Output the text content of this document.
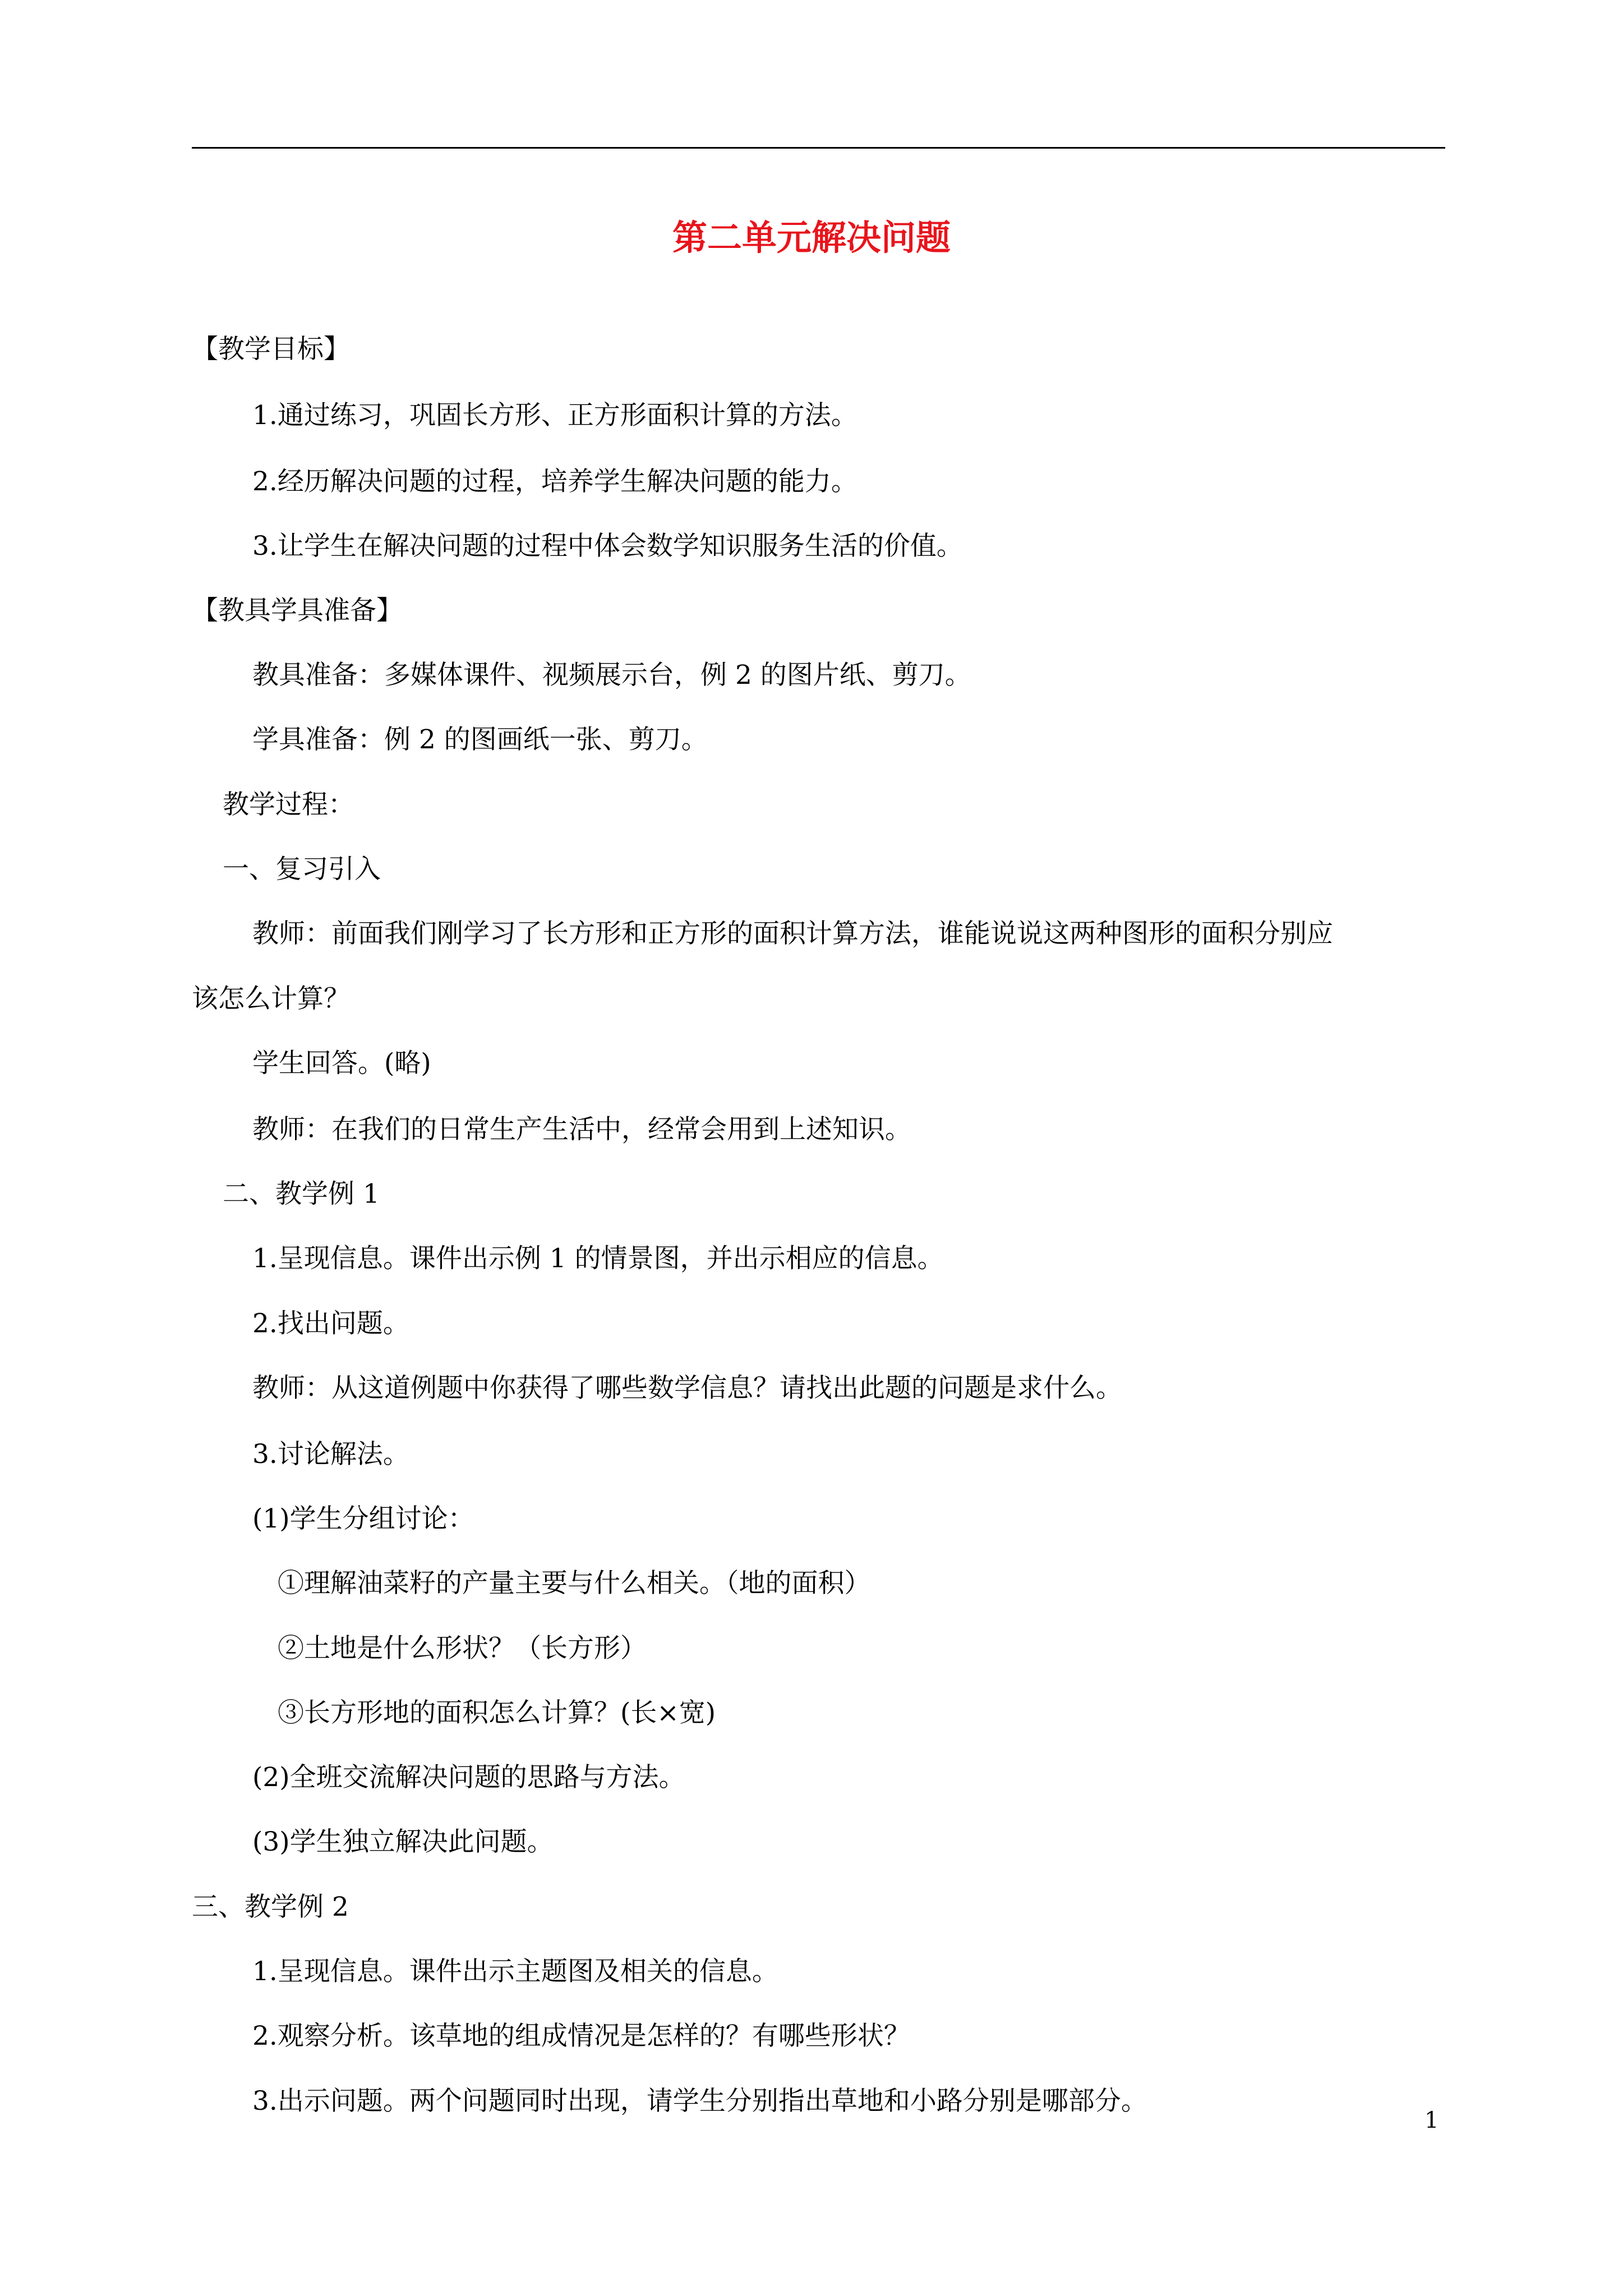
第二单元解决问题
【教学目标】
1.通过练习，巩固长方形、正方形面积计算的方法。
2.经历解决问题的过程，培养学生解决问题的能力。
3.让学生在解决问题的过程中体会数学知识服务生活的价值。
【教具学具准备】
教具准备：多媒体课件、视频展示台，例 2 的图片纸、剪刀。
学具准备：例 2 的图画纸一张、剪刀。
教学过程：
一、复习引入
教师：前面我们刚学习了长方形和正方形的面积计算方法，谁能说说这两种图形的面积分别应
该怎么计算？
学生回答。(略)
教师：在我们的日常生产生活中，经常会用到上述知识。
二、教学例 1
1.呈现信息。课件出示例 1 的情景图，并出示相应的信息。
2.找出问题。
教师：从这道例题中你获得了哪些数学信息？请找出此题的问题是求什么。
3.讨论解法。
(1)学生分组讨论：
①理解油菜籽的产量主要与什么相关。（地的面积）
②土地是什么形状？（长方形）
③长方形地的面积怎么计算？(长×宽)
(2)全班交流解决问题的思路与方法。
(3)学生独立解决此问题。
三、教学例 2
1.呈现信息。课件出示主题图及相关的信息。
2.观察分析。该草地的组成情况是怎样的？有哪些形状？
3.出示问题。两个问题同时出现，请学生分别指出草地和小路分别是哪部分。
1
